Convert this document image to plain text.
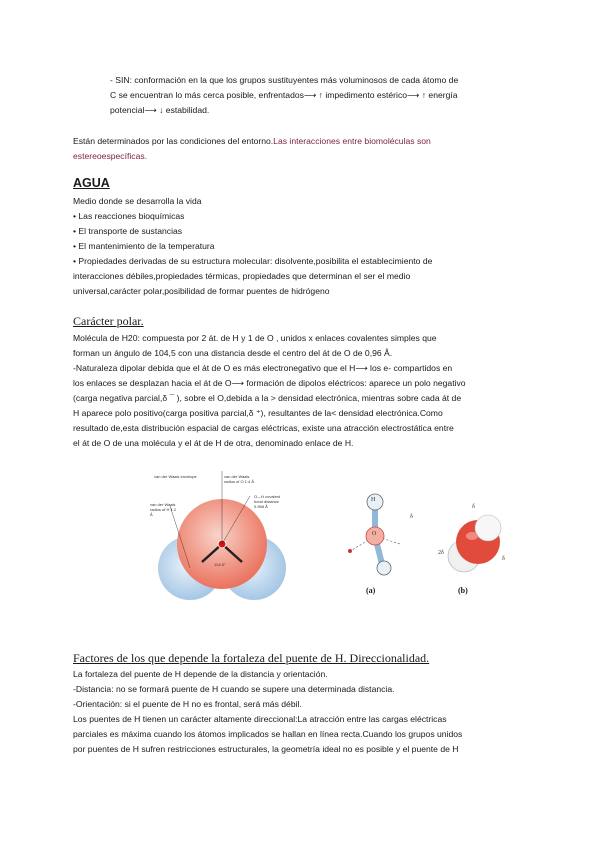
- SIN: conformación en la que los grupos sustituyentes más voluminosos de cada átomo de
C se encuentran lo más cerca posible, enfrentados⟶ ↑ impedimento estérico⟶ ↑ energía
potencial⟶ ↓ estabilidad.
Están determinados por las condiciones del entorno.Las interacciones entre biomoléculas son
estereoespecíficas.
AGUA
Medio donde se desarrolla la vida
• Las reacciones bioquímicas
• El transporte de sustancias
• El mantenimiento de la temperatura
• Propiedades derivadas de su estructura molecular: disolvente,posibilita el establecimiento de
interacciones débiles,propiedades térmicas, propiedades que determinan el ser el medio
universal,carácter polar,posibilidad de formar puentes de hidrógeno
Carácter polar.
Molécula de H20: compuesta por 2 át. de H y 1 de O , unidos x enlaces covalentes simples que
forman un ángulo de 104,5 con una distancia desde el centro del át de O de 0,96 Å.
-Naturaleza dipolar debida que el át de O es más electronegativo que el H⟶ los e- compartidos en
los enlaces se desplazan hacia el át de O⟶ formación de dipolos eléctricos: aparece un polo negativo
(carga negativa parcial,δ ¯ ), sobre el O,debida a la > densidad electrónica, mientras sobre cada át de
H aparece polo positivo(carga positiva parcial,δ ⁺), resultantes de la< densidad electrónica.Como
resultado de,esta distribución espacial de cargas eléctricas, existe una atracción electrostática entre
el át de O de una molécula y el át de H de otra, denominado enlace de H.
van der Waals envelope	van der Waals radius of O 1.4 Å
O—H covalent bond distance 0.958 Å
van der Waals radius of H 1.2 Å
104.5°
H
O
(a)
2δ
δ
δ
(b)
δ
Factores de los que depende la fortaleza del puente de H. Direccionalidad.
La fortaleza del puente de H depende de la distancia y orientación.
-Distancia: no se formará puente de H cuando se supere una determinada distancia.
-Orientación: si el puente de H no es frontal, será más débil.
Los puentes de H tienen un carácter altamente direccional:La atracción entre las cargas eléctricas
parciales es máxima cuando los átomos implicados se hallan en línea recta.Cuando los grupos unidos
por puentes de H sufren restricciones estructurales, la geometría ideal no es posible y el puente de H
